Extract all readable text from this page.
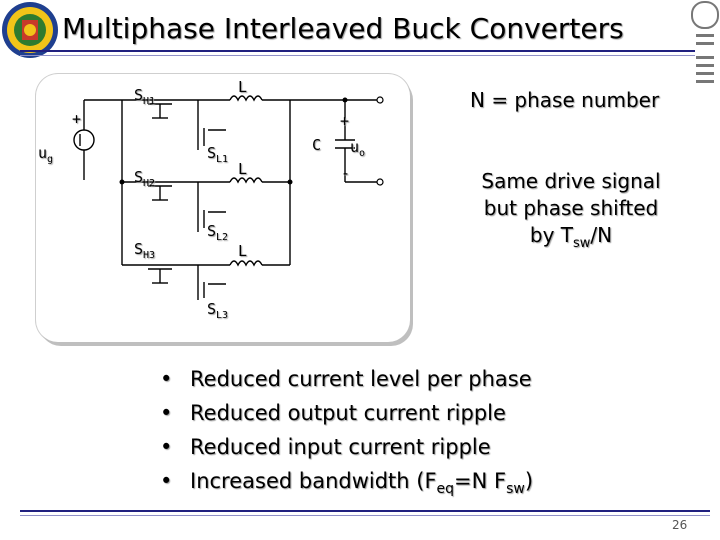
Multiphase Interleaved Buck Converters
$u_g$
+
$S_{H1}$
$S_{H2}$
$S_{H3}$
$S_{L1}$
$S_{L2}$
$S_{L3}$
L
L
L
C
+
-
$u_o$
N = phase number
Same drive signal
but phase shifted
by $T_{sw}/N$
• Reduced current level per phase
• Reduced output current ripple
• Reduced input current ripple
• Increased bandwidth ($F_{eq}=N$ $F_{sw}$)
26
